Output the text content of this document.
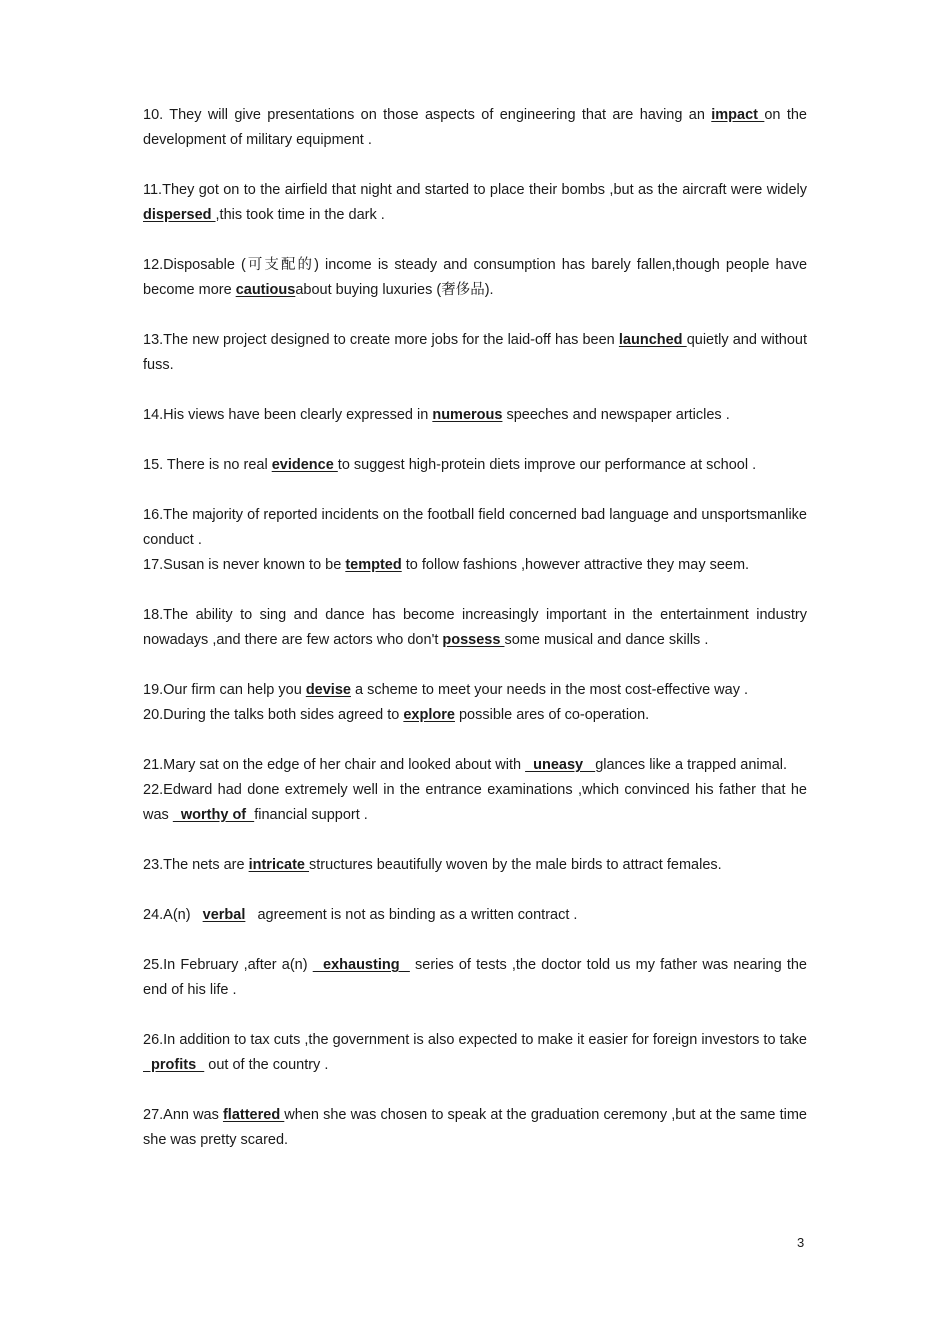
10. They will give presentations on those aspects of engineering that are having an impact on the development of military equipment .

11.They got on to the airfield that night and started to place their bombs ,but as the aircraft were widely dispersed ,this took time in the dark .

12.Disposable (可支配的) income is steady and consumption has barely fallen,though people have become more cautiousabout buying luxuries (奢侈品).

13.The new project designed to create more jobs for the laid-off has been launched quietly and without fuss.

14.His views have been clearly expressed in numerous speeches and newspaper articles .

15. There is no real evidence to suggest high-protein diets improve our performance at school .

16.The majority of reported incidents on the football field concerned bad language and unsportsmanlike conduct .

17.Susan is never known to be tempted to follow fashions ,however attractive they may seem.

18.The ability to sing and dance has become increasingly important in the entertainment industry nowadays ,and there are few actors who don't possess some musical and dance skills .

19.Our firm can help you devise a scheme to meet your needs in the most cost-effective way .

20.During the talks both sides agreed to explore possible ares of co-operation.

21.Mary sat on the edge of her chair and looked about with   uneasy   glances like a trapped animal.

22.Edward had done extremely well in the entrance examinations ,which convinced his father that he was   worthy of  financial support .

23.The nets are intricate structures beautifully woven by the male birds to attract females.

24.A(n)   verbal   agreement is not as binding as a written contract .

25.In February ,after a(n)   exhausting   series of tests ,the doctor told us my father was nearing the end of his life .

26.In addition to tax cuts ,the government is also expected to make it easier for foreign investors to take   profits   out of the country .

27.Ann was flattered when she was chosen to speak at the graduation ceremony ,but at the same time she was pretty scared.

3
